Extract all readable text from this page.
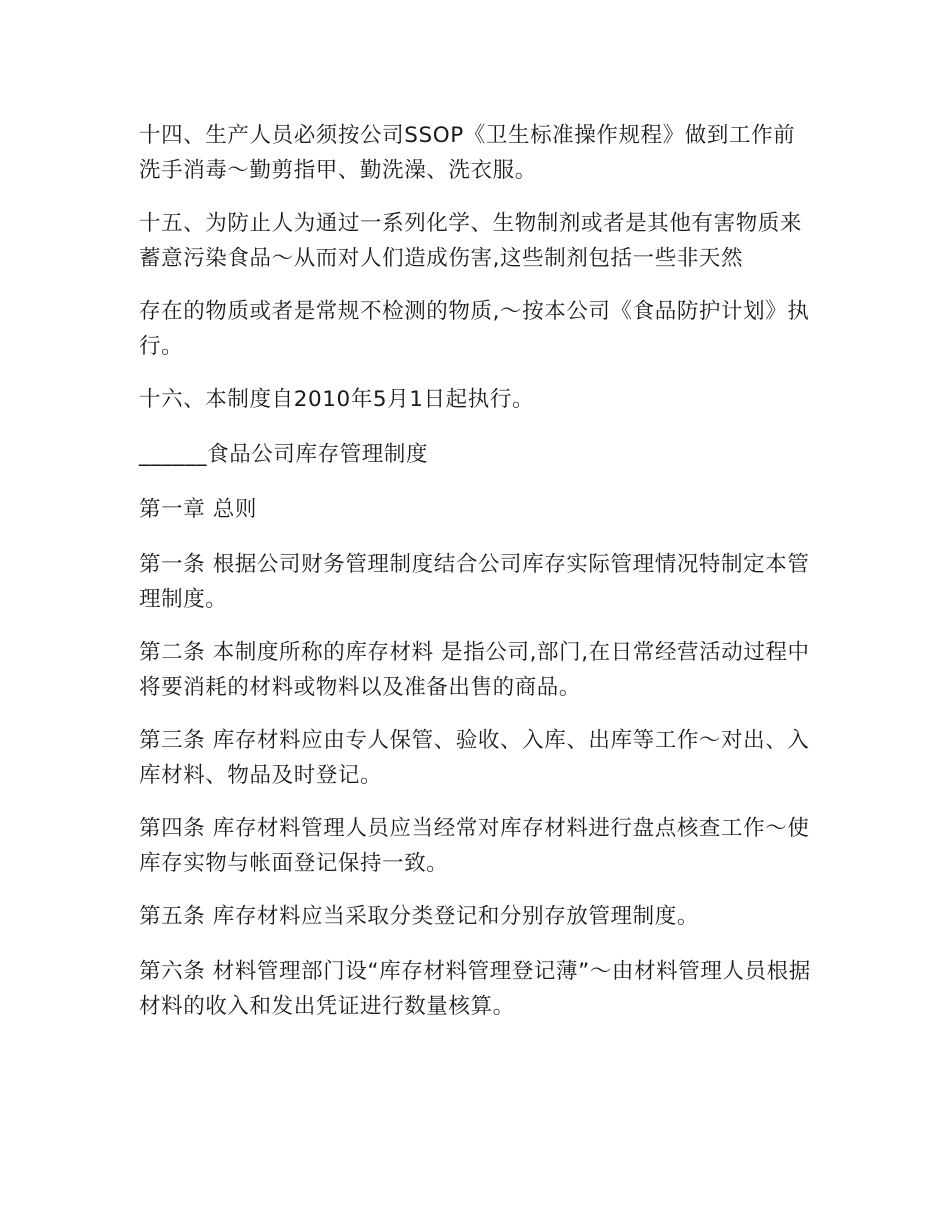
十四、生产人员必须按公司SSOP《卫生标准操作规程》做到工作前洗手消毒～勤剪指甲、勤洗澡、洗衣服。

十五、为防止人为通过一系列化学、生物制剂或者是其他有害物质来蓄意污染食品～从而对人们造成伤害,这些制剂包括一些非天然

存在的物质或者是常规不检测的物质,～按本公司《食品防护计划》执行。

十六、本制度自2010年5月1日起执行。

______食品公司库存管理制度

第一章 总则

第一条 根据公司财务管理制度结合公司库存实际管理情况特制定本管理制度。

第二条 本制度所称的库存材料 是指公司,部门,在日常经营活动过程中将要消耗的材料或物料以及准备出售的商品。

第三条 库存材料应由专人保管、验收、入库、出库等工作～对出、入库材料、物品及时登记。

第四条 库存材料管理人员应当经常对库存材料进行盘点核查工作～使库存实物与帐面登记保持一致。

第五条 库存材料应当采取分类登记和分别存放管理制度。

第六条 材料管理部门设“库存材料管理登记薄”～由材料管理人员根据材料的收入和发出凭证进行数量核算。
